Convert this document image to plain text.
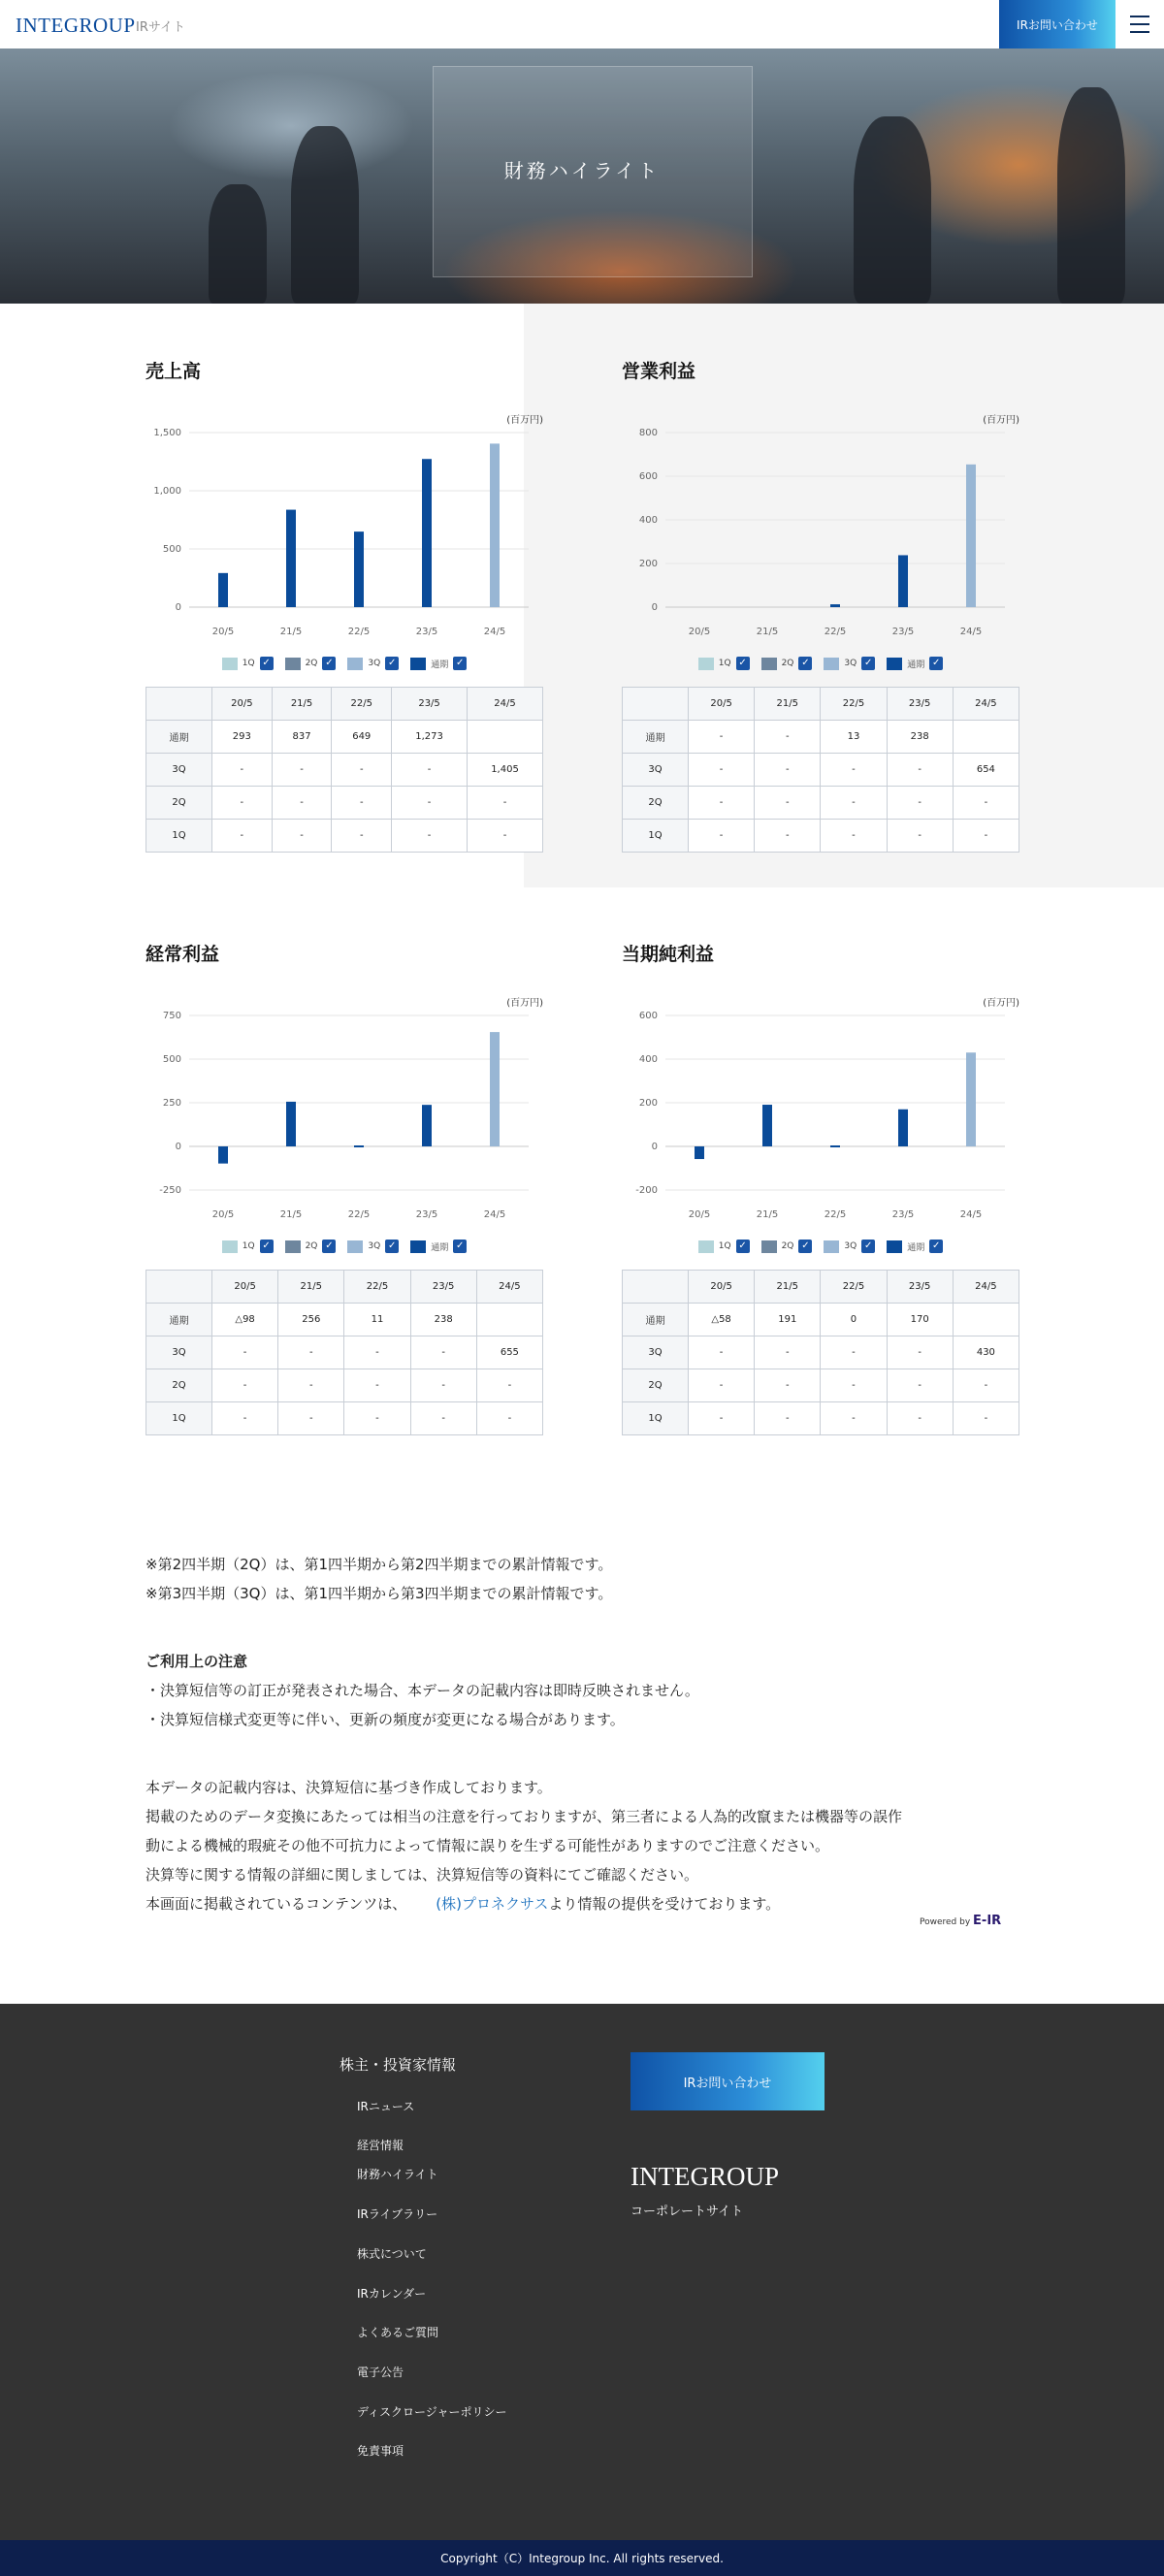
INTEGROUP IRサイト	IRお問い合わせ
財務ハイライト
売上高
(百万円)
0
500
1,000
1,500
20/5	21/5	22/5	23/5	24/5
1Q ✓	2Q ✓	3Q ✓	通期 ✓
	20/5	21/5	22/5	23/5	24/5
通期	293	837	649	1,273	
3Q	-	-	-	-	1,405
2Q	-	-	-	-	-
1Q	-	-	-	-	-
営業利益
(百万円)
0
200
400
600
800
20/5	21/5	22/5	23/5	24/5
1Q ✓	2Q ✓	3Q ✓	通期 ✓
	20/5	21/5	22/5	23/5	24/5
通期	-	-	13	238	
3Q	-	-	-	-	654
2Q	-	-	-	-	-
1Q	-	-	-	-	-
経常利益
(百万円)
-250
0
250
500
750
20/5	21/5	22/5	23/5	24/5
1Q ✓	2Q ✓	3Q ✓	通期 ✓
	20/5	21/5	22/5	23/5	24/5
通期	△98	256	11	238	
3Q	-	-	-	-	655
2Q	-	-	-	-	-
1Q	-	-	-	-	-
当期純利益
(百万円)
-200
0
200
400
600
20/5	21/5	22/5	23/5	24/5
1Q ✓	2Q ✓	3Q ✓	通期 ✓
	20/5	21/5	22/5	23/5	24/5
通期	△58	191	0	170	
3Q	-	-	-	-	430
2Q	-	-	-	-	-
1Q	-	-	-	-	-
※第2四半期（2Q）は、第1四半期から第2四半期までの累計情報です。
※第3四半期（3Q）は、第1四半期から第3四半期までの累計情報です。
ご利用上の注意
・決算短信等の訂正が発表された場合、本データの記載内容は即時反映されません。
・決算短信様式変更等に伴い、更新の頻度が変更になる場合があります。
本データの記載内容は、決算短信に基づき作成しております。
掲載のためのデータ変換にあたっては相当の注意を行っておりますが、第三者による人為的改竄または機器等の誤作
動による機械的瑕疵その他不可抗力によって情報に誤りを生ずる可能性がありますのでご注意ください。
決算等に関する情報の詳細に関しましては、決算短信等の資料にてご確認ください。
本画面に掲載されているコンテンツは、 (株)プロネクサスより情報の提供を受けております。
Powered by E-IR
株主・投資家情報
IRニュース
経営情報
財務ハイライト
IRライブラリー
株式について
IRカレンダー
よくあるご質問
電子公告
ディスクロージャーポリシー
免責事項
IRお問い合わせ
INTEGROUP
コーポレートサイト
Copyright（C）Integroup Inc. All rights reserved.
